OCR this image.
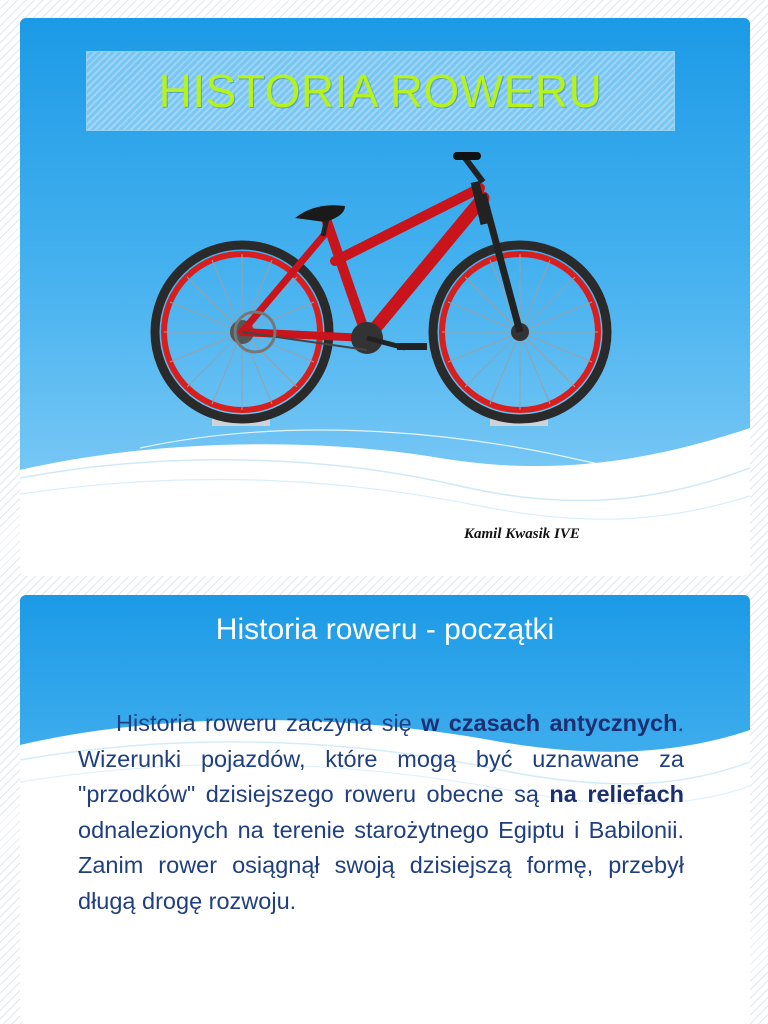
HISTORIA ROWERU
Kamil Kwasik IVE
Historia roweru - początki
Historia roweru zaczyna się w czasach antycznych. Wizerunki pojazdów, które mogą być uznawane za "przodków" dzisiejszego roweru obecne są na reliefach odnalezionych na terenie starożytnego Egiptu i Babilonii. Zanim rower osiągnął swoją dzisiejszą formę, przebył długą drogę rozwoju.
